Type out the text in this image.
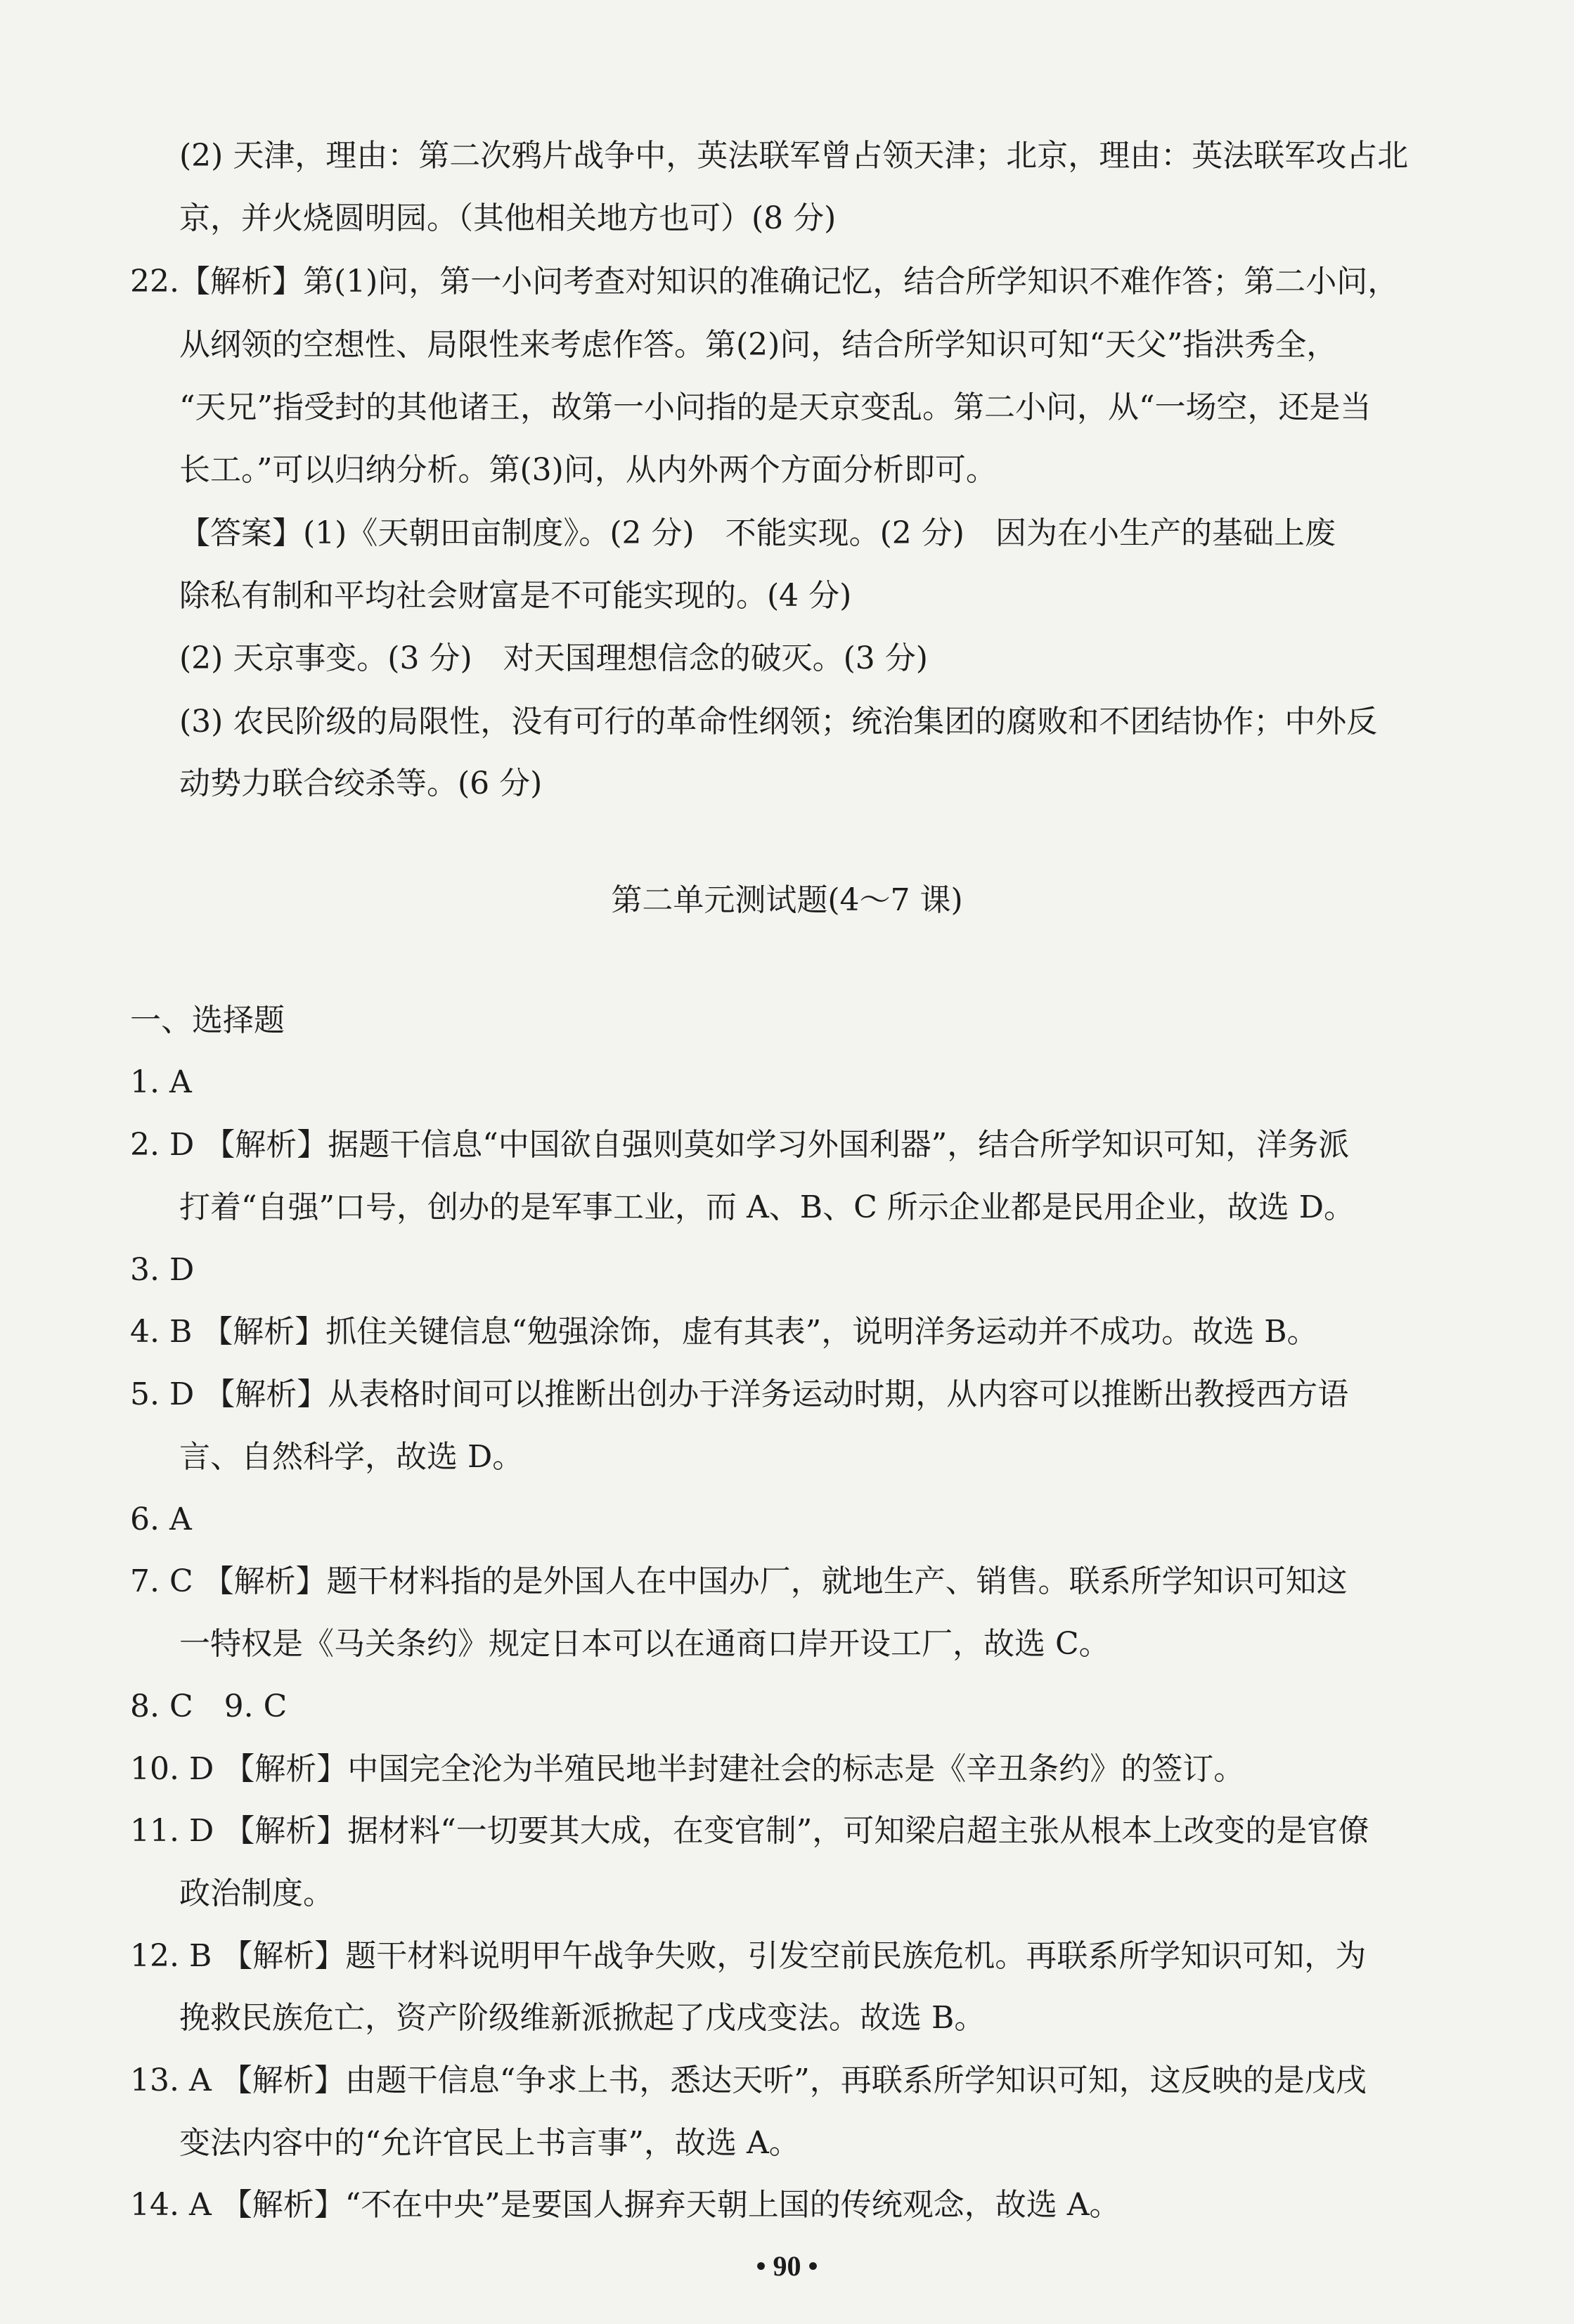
(2) 天津，理由：第二次鸦片战争中，英法联军曾占领天津；北京，理由：英法联军攻占北
京，并火烧圆明园。（其他相关地方也可）(8 分)
22.【解析】第(1)问，第一小问考查对知识的准确记忆，结合所学知识不难作答；第二小问，
从纲领的空想性、局限性来考虑作答。第(2)问，结合所学知识可知“天父”指洪秀全，
“天兄”指受封的其他诸王，故第一小问指的是天京变乱。第二小问，从“一场空，还是当
长工。”可以归纳分析。第(3)问，从内外两个方面分析即可。
【答案】(1)《天朝田亩制度》。(2 分)　不能实现。(2 分)　因为在小生产的基础上废
除私有制和平均社会财富是不可能实现的。(4 分)
(2) 天京事变。(3 分)　对天国理想信念的破灭。(3 分)
(3) 农民阶级的局限性，没有可行的革命性纲领；统治集团的腐败和不团结协作；中外反
动势力联合绞杀等。(6 分)
第二单元测试题(4～7 课)
一、选择题
1. A
2. D 【解析】据题干信息“中国欲自强则莫如学习外国利器”，结合所学知识可知，洋务派
打着“自强”口号，创办的是军事工业，而 A、B、C 所示企业都是民用企业，故选 D。
3. D
4. B 【解析】抓住关键信息“勉强涂饰，虚有其表”，说明洋务运动并不成功。故选 B。
5. D 【解析】从表格时间可以推断出创办于洋务运动时期，从内容可以推断出教授西方语
言、自然科学，故选 D。
6. A
7. C 【解析】题干材料指的是外国人在中国办厂，就地生产、销售。联系所学知识可知这
一特权是《马关条约》规定日本可以在通商口岸开设工厂，故选 C。
8. C　9. C
10. D 【解析】中国完全沦为半殖民地半封建社会的标志是《辛丑条约》的签订。
11. D 【解析】据材料“一切要其大成，在变官制”，可知梁启超主张从根本上改变的是官僚
政治制度。
12. B 【解析】题干材料说明甲午战争失败，引发空前民族危机。再联系所学知识可知，为
挽救民族危亡，资产阶级维新派掀起了戊戌变法。故选 B。
13. A 【解析】由题干信息“争求上书，悉达天听”，再联系所学知识可知，这反映的是戊戌
变法内容中的“允许官民上书言事”，故选 A。
14. A 【解析】“不在中央”是要国人摒弃天朝上国的传统观念，故选 A。
• 90 •
